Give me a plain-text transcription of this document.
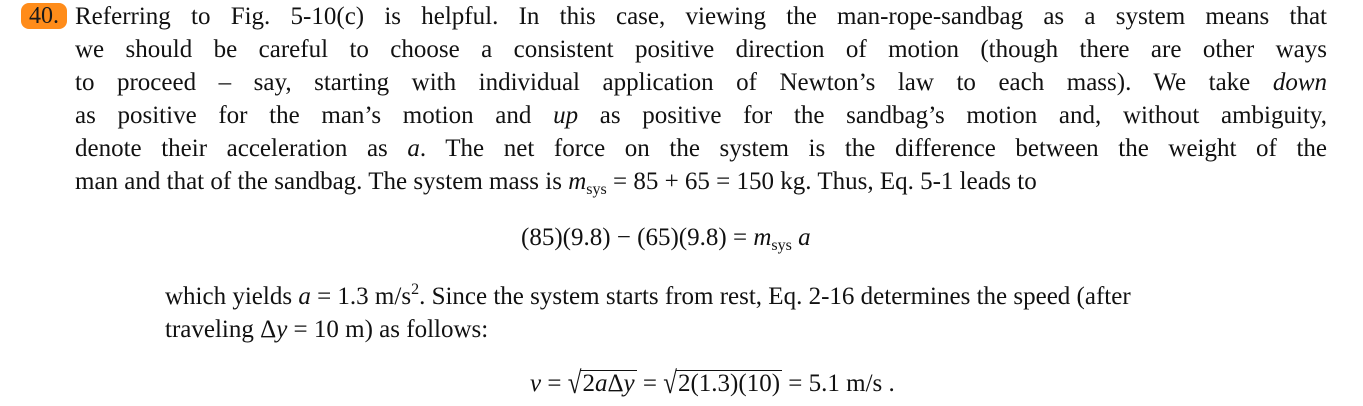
40. Referring to Fig. 5-10(c) is helpful. In this case, viewing the man-rope-sandbag as a system means that
we should be careful to choose a consistent positive direction of motion (though there are other ways
to proceed – say, starting with individual application of Newton’s law to each mass). We take down
as positive for the man’s motion and up as positive for the sandbag’s motion and, without ambiguity,
denote their acceleration as a. The net force on the system is the difference between the weight of the
man and that of the sandbag. The system mass is $m_{sys} = 85 + 65 = 150$ kg. Thus, Eq. 5-1 leads to
$(85)(9.8) - (65)(9.8) = m_{sys}$ a
which yields a = 1.3 $m/s^2$. Since the system starts from rest, Eq. 2-16 determines the speed (after
traveling Δy = 10 m) as follows:
v = √2aΔy = √2(1.3)(10) = 5.1 m/s .
